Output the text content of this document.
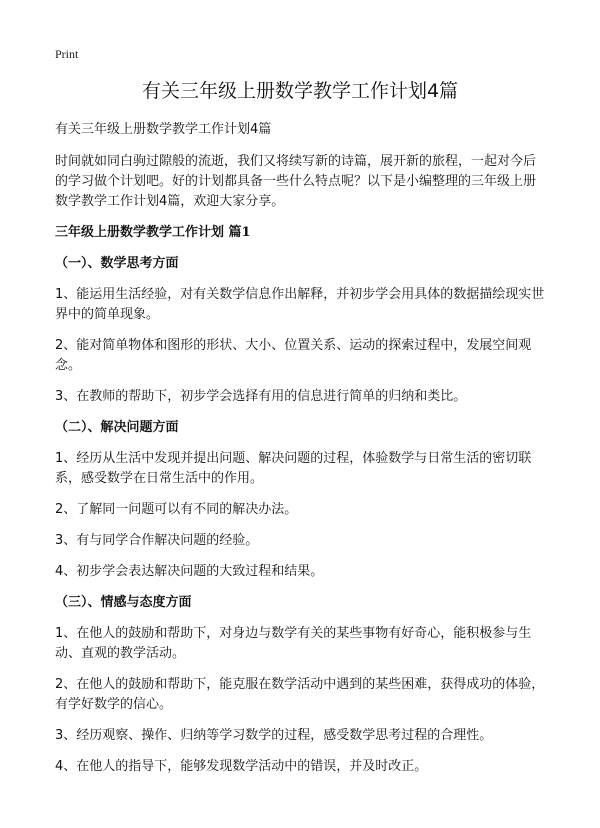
Print
有关三年级上册数学教学工作计划4篇
有关三年级上册数学教学工作计划4篇

时间就如同白驹过隙般的流逝，我们又将续写新的诗篇，展开新的旅程，一起对今后的学习做个计划吧。好的计划都具备一些什么特点呢？以下是小编整理的三年级上册数学教学工作计划4篇，欢迎大家分享。

三年级上册数学教学工作计划 篇1
（一）、数学思考方面

1、能运用生活经验，对有关数学信息作出解释，并初步学会用具体的数据描绘现实世界中的简单现象。

2、能对简单物体和图形的形状、大小、位置关系、运动的探索过程中，发展空间观念。

3、在教师的帮助下，初步学会选择有用的信息进行简单的归纳和类比。

（二）、解决问题方面

1、经历从生活中发现并提出问题、解决问题的过程，体验数学与日常生活的密切联系，感受数学在日常生活中的作用。

2、了解同一问题可以有不同的解决办法。

3、有与同学合作解决问题的经验。

4、初步学会表达解决问题的大致过程和结果。

（三）、情感与态度方面

1、在他人的鼓励和帮助下，对身边与数学有关的某些事物有好奇心，能积极参与生动、直观的教学活动。

2、在他人的鼓励和帮助下，能克服在数学活动中遇到的某些困难，获得成功的体验，有学好数学的信心。

3、经历观察、操作、归纳等学习数学的过程，感受数学思考过程的合理性。

4、在他人的指导下，能够发现数学活动中的错误，并及时改正。
